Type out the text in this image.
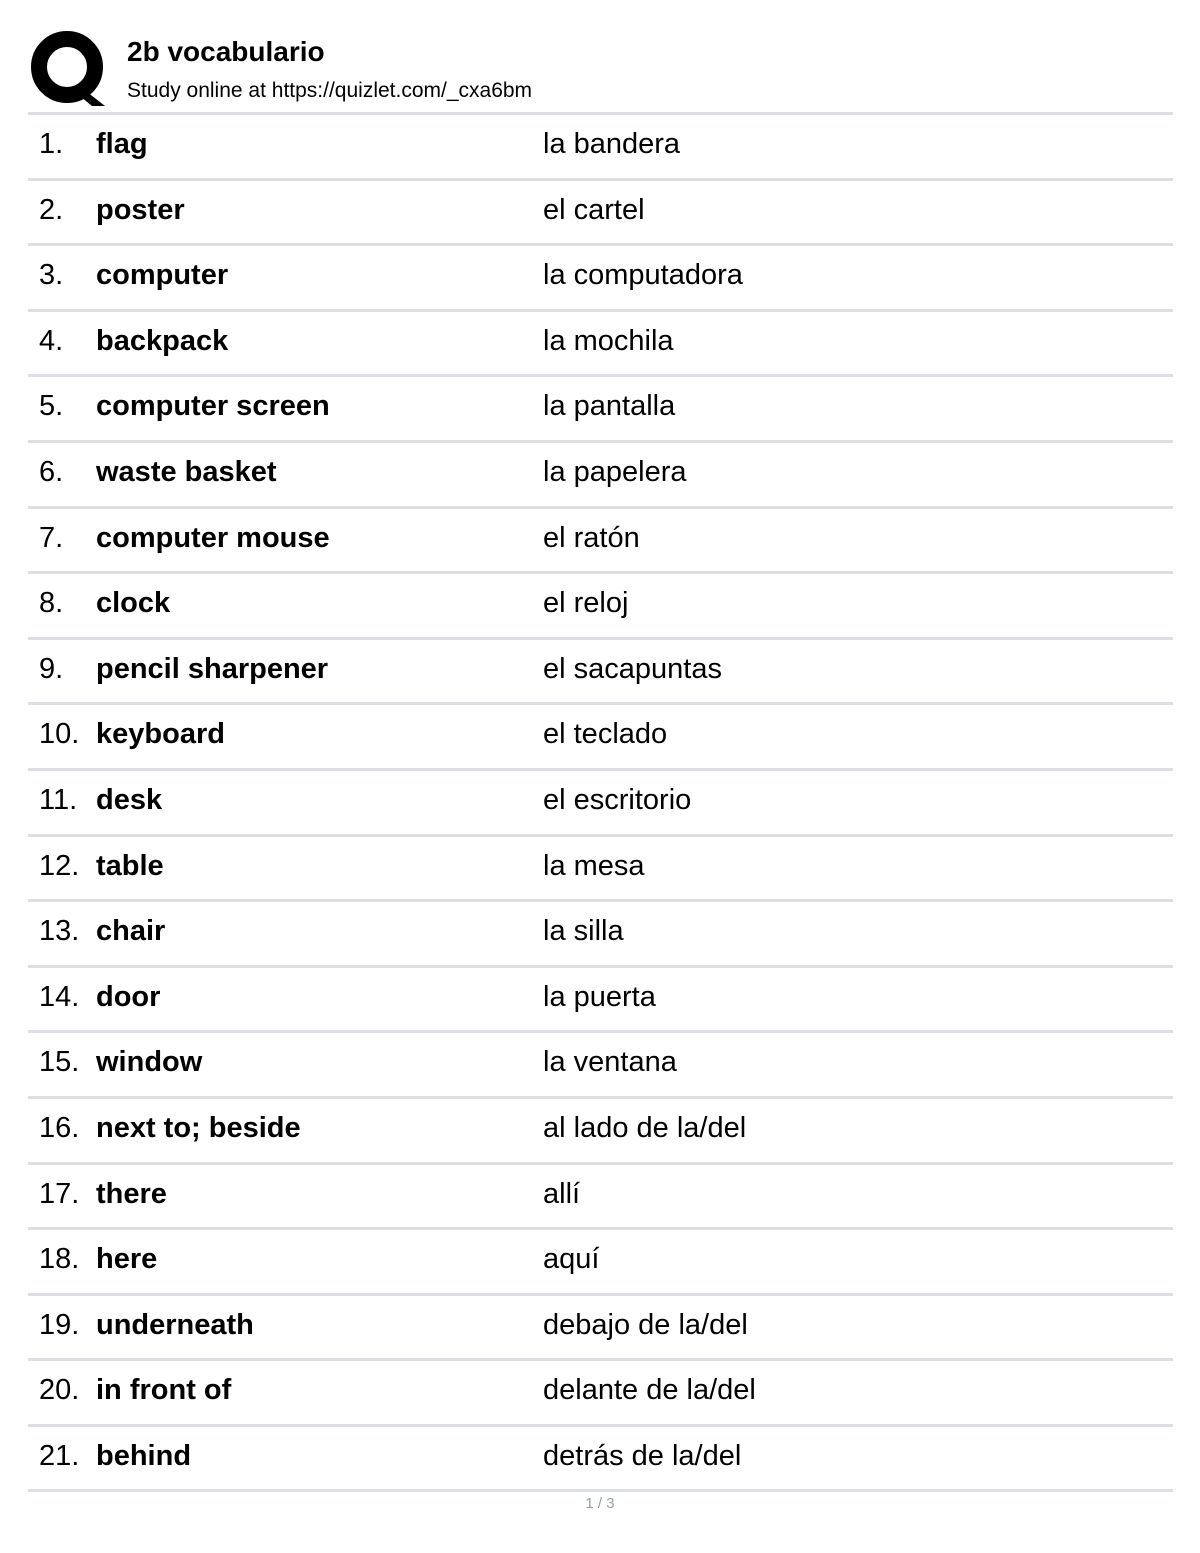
2b vocabulario
Study online at https://quizlet.com/_cxa6bm
1. flag	la bandera
2. poster	el cartel
3. computer	la computadora
4. backpack	la mochila
5. computer screen	la pantalla
6. waste basket	la papelera
7. computer mouse	el ratón
8. clock	el reloj
9. pencil sharpener	el sacapuntas
10. keyboard	el teclado
11. desk	el escritorio
12. table	la mesa
13. chair	la silla
14. door	la puerta
15. window	la ventana
16. next to; beside	al lado de la/del
17. there	allí
18. here	aquí
19. underneath	debajo de la/del
20. in front of	delante de la/del
21. behind	detrás de la/del
1 / 3
